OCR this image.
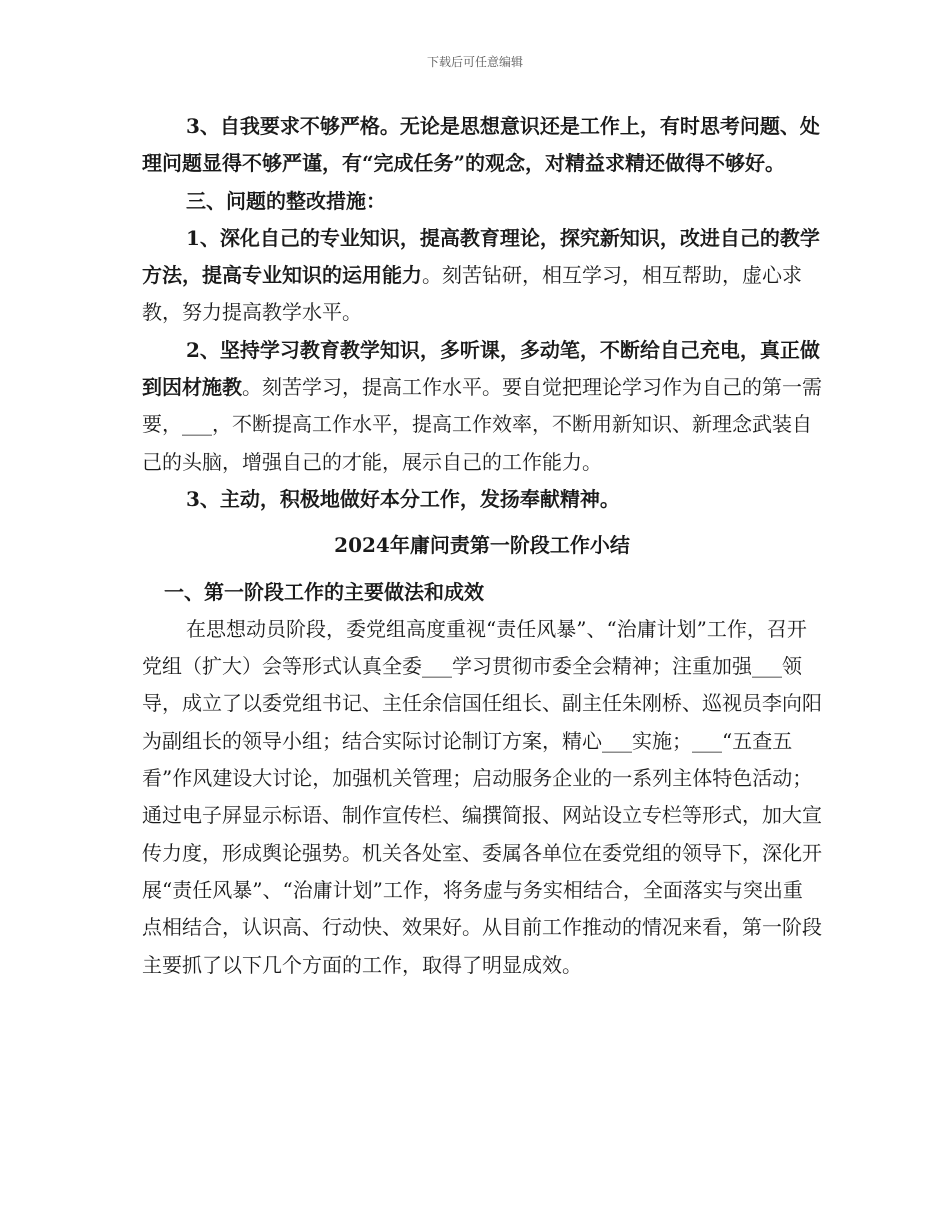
下载后可任意编辑

3、自我要求不够严格。无论是思想意识还是工作上，有时思考问题、处理问题显得不够严谨，有“完成任务”的观念，对精益求精还做得不够好。

三、问题的整改措施：

1、深化自己的专业知识，提高教育理论，探究新知识，改进自己的教学方法，提高专业知识的运用能力。刻苦钻研，相互学习，相互帮助，虚心求教，努力提高教学水平。

2、坚持学习教育教学知识，多听课，多动笔，不断给自己充电，真正做到因材施教。刻苦学习，提高工作水平。要自觉把理论学习作为自己的第一需要，___，不断提高工作水平，提高工作效率，不断用新知识、新理念武装自己的头脑，增强自己的才能，展示自己的工作能力。

3、主动，积极地做好本分工作，发扬奉献精神。

2024年庸问责第一阶段工作小结

一、第一阶段工作的主要做法和成效

在思想动员阶段，委党组高度重视“责任风暴”、“治庸计划”工作，召开党组（扩大）会等形式认真全委___学习贯彻市委全会精神；注重加强___领导，成立了以委党组书记、主任余信国任组长、副主任朱刚桥、巡视员李向阳为副组长的领导小组；结合实际讨论制订方案，精心___实施；___“五查五看”作风建设大讨论，加强机关管理；启动服务企业的一系列主体特色活动；通过电子屏显示标语、制作宣传栏、编撰简报、网站设立专栏等形式，加大宣传力度，形成舆论强势。机关各处室、委属各单位在委党组的领导下，深化开展“责任风暴”、“治庸计划”工作，将务虚与务实相结合，全面落实与突出重点相结合，认识高、行动快、效果好。从目前工作推动的情况来看，第一阶段主要抓了以下几个方面的工作，取得了明显成效。
